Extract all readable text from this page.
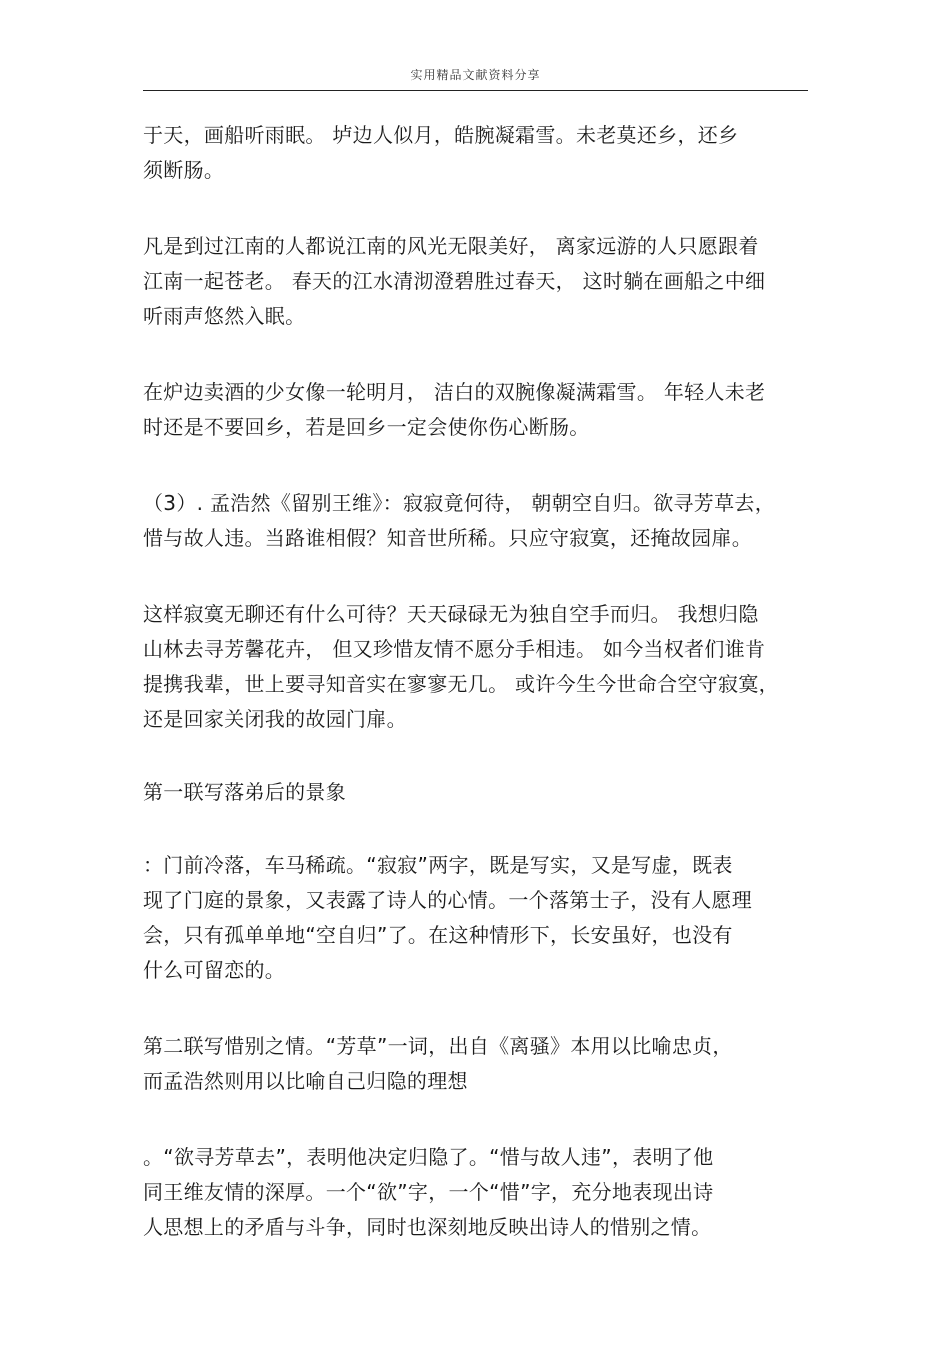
实用精品文献资料分享

于天，画船听雨眠。 垆边人似月，皓腕凝霜雪。未老莫还乡，还乡
须断肠。

凡是到过江南的人都说江南的风光无限美好， 离家远游的人只愿跟着
江南一起苍老。 春天的江水清沏澄碧胜过春天， 这时躺在画船之中细
听雨声悠然入眠。

在炉边卖酒的少女像一轮明月， 洁白的双腕像凝满霜雪。 年轻人未老
时还是不要回乡，若是回乡一定会使你伤心断肠。

（3）. 孟浩然《留别王维》：寂寂竟何待， 朝朝空自归。欲寻芳草去，
惜与故人违。当路谁相假？知音世所稀。只应守寂寞，还掩故园扉。

这样寂寞无聊还有什么可待？天天碌碌无为独自空手而归。 我想归隐
山林去寻芳馨花卉， 但又珍惜友情不愿分手相违。 如今当权者们谁肯
提携我辈，世上要寻知音实在寥寥无几。 或许今生今世命合空守寂寞，
还是回家关闭我的故园门扉。

第一联写落弟后的景象

：门前冷落，车马稀疏。“寂寂”两字，既是写实，又是写虚，既表
现了门庭的景象，又表露了诗人的心情。一个落第士子，没有人愿理
会，只有孤单单地“空自归”了。在这种情形下，长安虽好，也没有
什么可留恋的。

第二联写惜别之情。“芳草”一词，出自《离骚》本用以比喻忠贞，
而孟浩然则用以比喻自己归隐的理想

。“欲寻芳草去”，表明他决定归隐了。“惜与故人违”，表明了他
同王维友情的深厚。一个“欲”字，一个“惜”字，充分地表现出诗
人思想上的矛盾与斗争，同时也深刻地反映出诗人的惜别之情。
